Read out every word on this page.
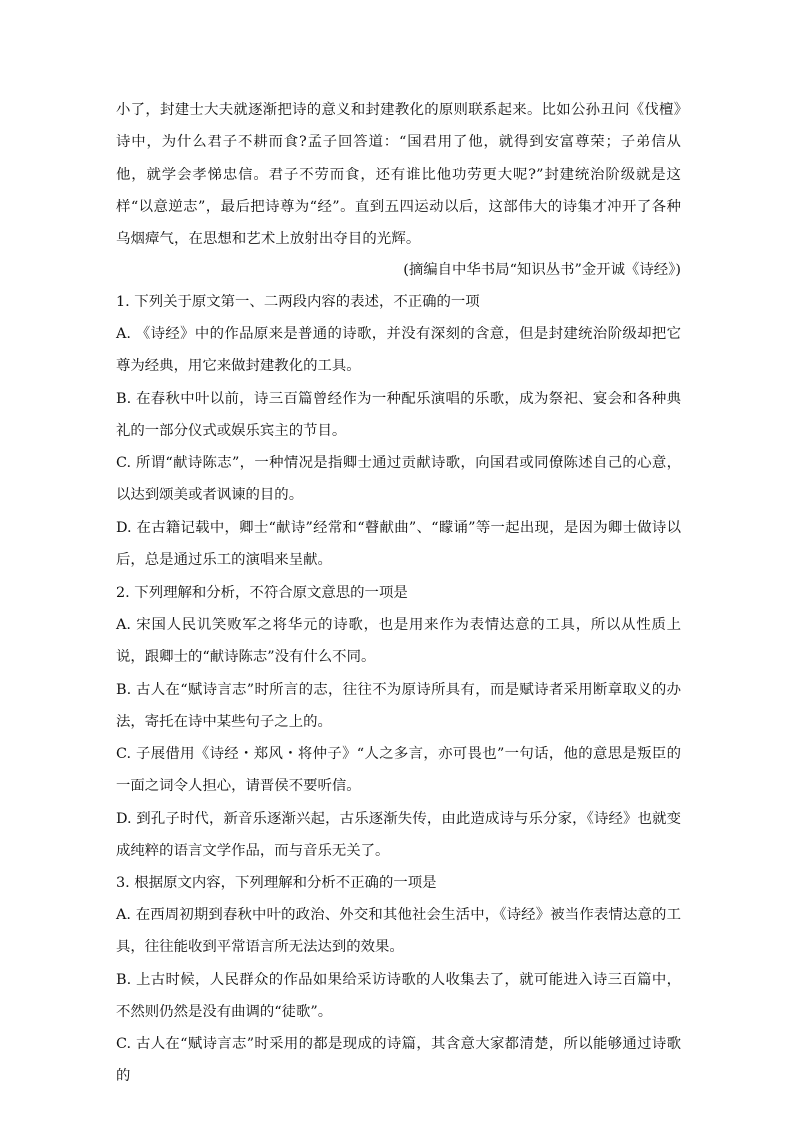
小了，封建士大夫就逐渐把诗的意义和封建教化的原则联系起来。比如公孙丑问《伐檀》诗中，为什么君子不耕而食?孟子回答道：“国君用了他，就得到安富尊荣；子弟信从他，就学会孝悌忠信。君子不劳而食，还有谁比他功劳更大呢?”封建统治阶级就是这样“以意逆志”，最后把诗尊为“经”。直到五四运动以后，这部伟大的诗集才冲开了各种乌烟瘴气，在思想和艺术上放射出夺目的光辉。
(摘编自中华书局“知识丛书”金开诚《诗经》)
1. 下列关于原文第一、二两段内容的表述，不正确的一项
A. 《诗经》中的作品原来是普通的诗歌，并没有深刻的含意，但是封建统治阶级却把它尊为经典，用它来做封建教化的工具。
B. 在春秋中叶以前，诗三百篇曾经作为一种配乐演唱的乐歌，成为祭祀、宴会和各种典礼的一部分仪式或娱乐宾主的节目。
C. 所谓“献诗陈志”，一种情况是指卿士通过贡献诗歌，向国君或同僚陈述自己的心意，以达到颂美或者讽谏的目的。
D. 在古籍记载中，卿士“献诗”经常和“瞽献曲”、“矇诵”等一起出现，是因为卿士做诗以后，总是通过乐工的演唱来呈献。
2. 下列理解和分析，不符合原文意思的一项是
A. 宋国人民讥笑败军之将华元的诗歌，也是用来作为表情达意的工具，所以从性质上说，跟卿士的“献诗陈志”没有什么不同。
B. 古人在“赋诗言志”时所言的志，往往不为原诗所具有，而是赋诗者采用断章取义的办法，寄托在诗中某些句子之上的。
C. 子展借用《诗经・郑风・将仲子》“人之多言，亦可畏也”一句话，他的意思是叛臣的一面之词令人担心，请晋侯不要听信。
D. 到孔子时代，新音乐逐渐兴起，古乐逐渐失传，由此造成诗与乐分家，《诗经》也就变成纯粹的语言文学作品，而与音乐无关了。
3. 根据原文内容，下列理解和分析不正确的一项是
A. 在西周初期到春秋中叶的政治、外交和其他社会生活中，《诗经》被当作表情达意的工具，往往能收到平常语言所无法达到的效果。
B. 上古时候，人民群众的作品如果给采访诗歌的人收集去了，就可能进入诗三百篇中，不然则仍然是没有曲调的“徒歌”。
C. 古人在“赋诗言志”时采用的都是现成的诗篇，其含意大家都清楚，所以能够通过诗歌的
